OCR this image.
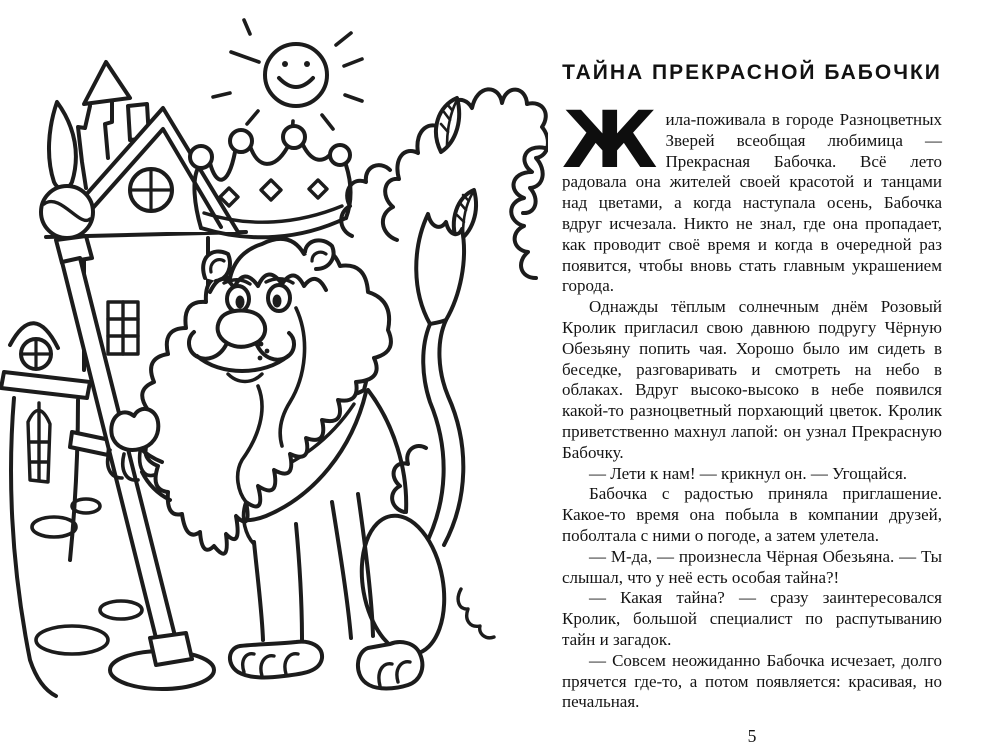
ТАЙНА ПРЕКРАСНОЙ БАБОЧКИ

Жила-поживала в городе Разноцветных Зверей всеобщая любимица — Прекрасная Бабочка. Всё лето радовала она жителей своей красотой и танцами над цветами, а когда наступала осень, Бабочка вдруг исчезала. Никто не знал, где она пропадает, как проводит своё время и когда в очередной раз появится, чтобы вновь стать главным украшением города.

Однажды тёплым солнечным днём Розовый Кролик пригласил свою давнюю подругу Чёрную Обезьяну попить чая. Хорошо было им сидеть в беседке, разговаривать и смотреть на небо в облаках. Вдруг высоко-высоко в небе появился какой-то разноцветный порхающий цветок. Кролик приветственно махнул лапой: он узнал Прекрасную Бабочку.

— Лети к нам! — крикнул он. — Угощайся.

Бабочка с радостью приняла приглашение. Какое-то время она побыла в компании друзей, поболтала с ними о погоде, а затем улетела.

— М-да, — произнесла Чёрная Обезьяна. — Ты слышал, что у неё есть особая тайна?!

— Какая тайна? — сразу заинтересовался Кролик, большой специалист по распутыванию тайн и загадок.

— Совсем неожиданно Бабочка исчезает, долго прячется где-то, а потом появляется: красивая, но печальная.

5
